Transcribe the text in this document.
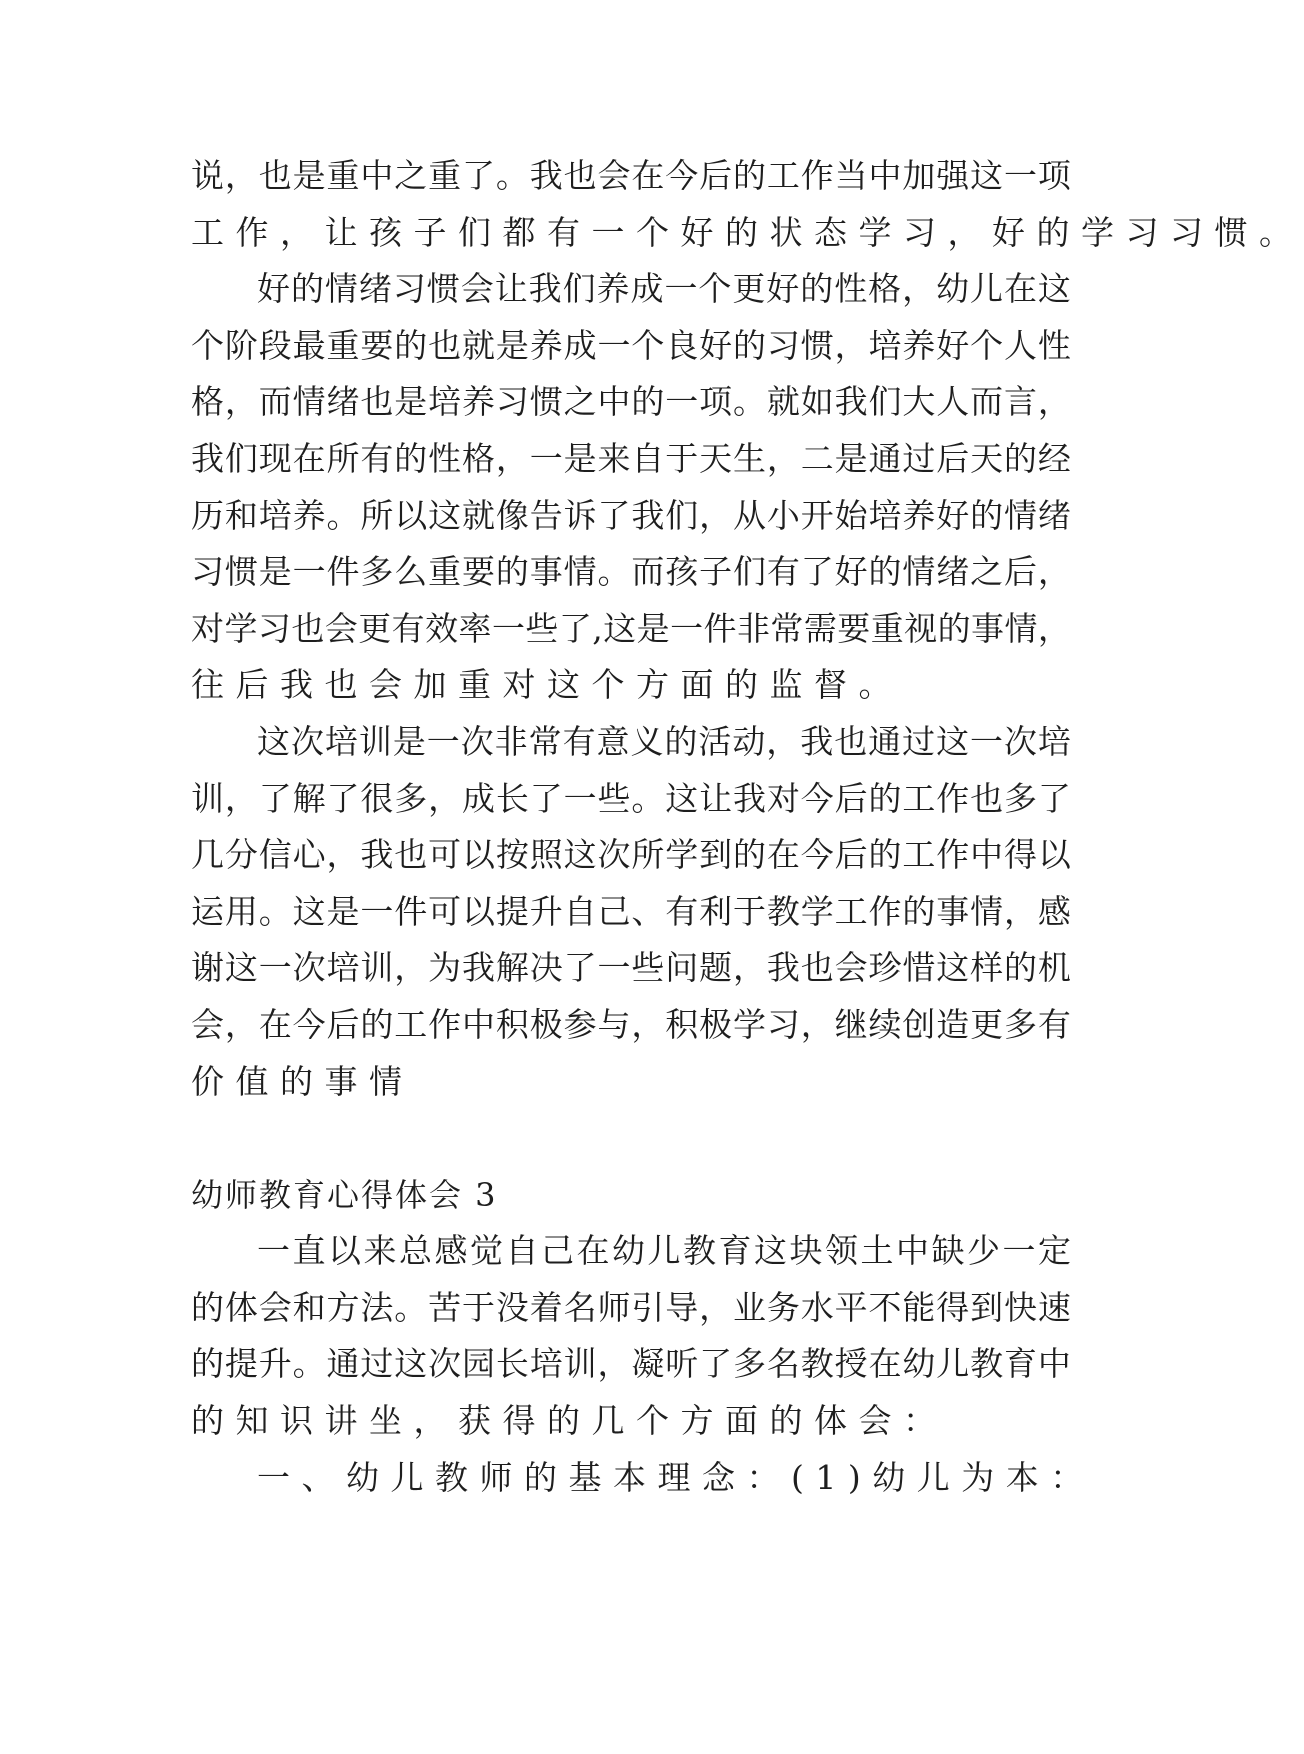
说 ， 也 是 重 中 之 重 了 。 我 也 会 在 今 后 的 工 作 当 中 加 强 这 一 项
工作，让孩子们都有一个好的状态学习，好的学习习惯。
好 的 情 绪 习 惯 会 让 我 们 养 成 一 个 更 好 的 性 格 ， 幼 儿 在 这
个 阶 段 最 重 要 的 也 就 是 养 成 一 个 良 好 的 习 惯 ， 培 养 好 个 人 性
格 ， 而 情 绪 也 是 培 养 习 惯 之 中 的 一 项 。 就 如 我 们 大 人 而 言 ，
我 们 现 在 所 有 的 性 格 ， 一 是 来 自 于 天 生 ， 二 是 通 过 后 天 的 经
历 和 培 养 。 所 以 这 就 像 告 诉 了 我 们 ， 从 小 开 始 培 养 好 的 情 绪
习 惯 是 一 件 多 么 重 要 的 事 情 。 而 孩 子 们 有 了 好 的 情 绪 之 后 ，
对 学 习 也 会 更 有 效 率 一 些 了 , 这 是 一 件 非 常 需 要 重 视 的 事 情 ，
往后我也会加重对这个方面的监督。
这 次 培 训 是 一 次 非 常 有 意 义 的 活 动 ， 我 也 通 过 这 一 次 培
训 ， 了 解 了 很 多 ， 成 长 了 一 些 。 这 让 我 对 今 后 的 工 作 也 多 了
几 分 信 心 ， 我 也 可 以 按 照 这 次 所 学 到 的 在 今 后 的 工 作 中 得 以
运 用 。 这 是 一 件 可 以 提 升 自 己 、 有 利 于 教 学 工 作 的 事 情 ， 感
谢 这 一 次 培 训 ， 为 我 解 决 了 一 些 问 题 ， 我 也 会 珍 惜 这 样 的 机
会 ， 在 今 后 的 工 作 中 积 极 参 与 ， 积 极 学 习 ， 继 续 创 造 更 多 有
价值的事情
幼师教育心得体会 3
一 直 以 来 总 感 觉 自 己 在 幼 儿 教 育 这 块 领 土 中 缺 少 一 定
的 体 会 和 方 法 。 苦 于 没 着 名 师 引 导 ， 业 务 水 平 不 能 得 到 快 速
的 提 升 。 通 过 这 次 园 长 培 训 ， 凝 听 了 多 名 教 授 在 幼 儿 教 育 中
的知识讲坐，获得的几个方面的体会：
一、幼儿教师的基本理念：(1)幼儿为本：
